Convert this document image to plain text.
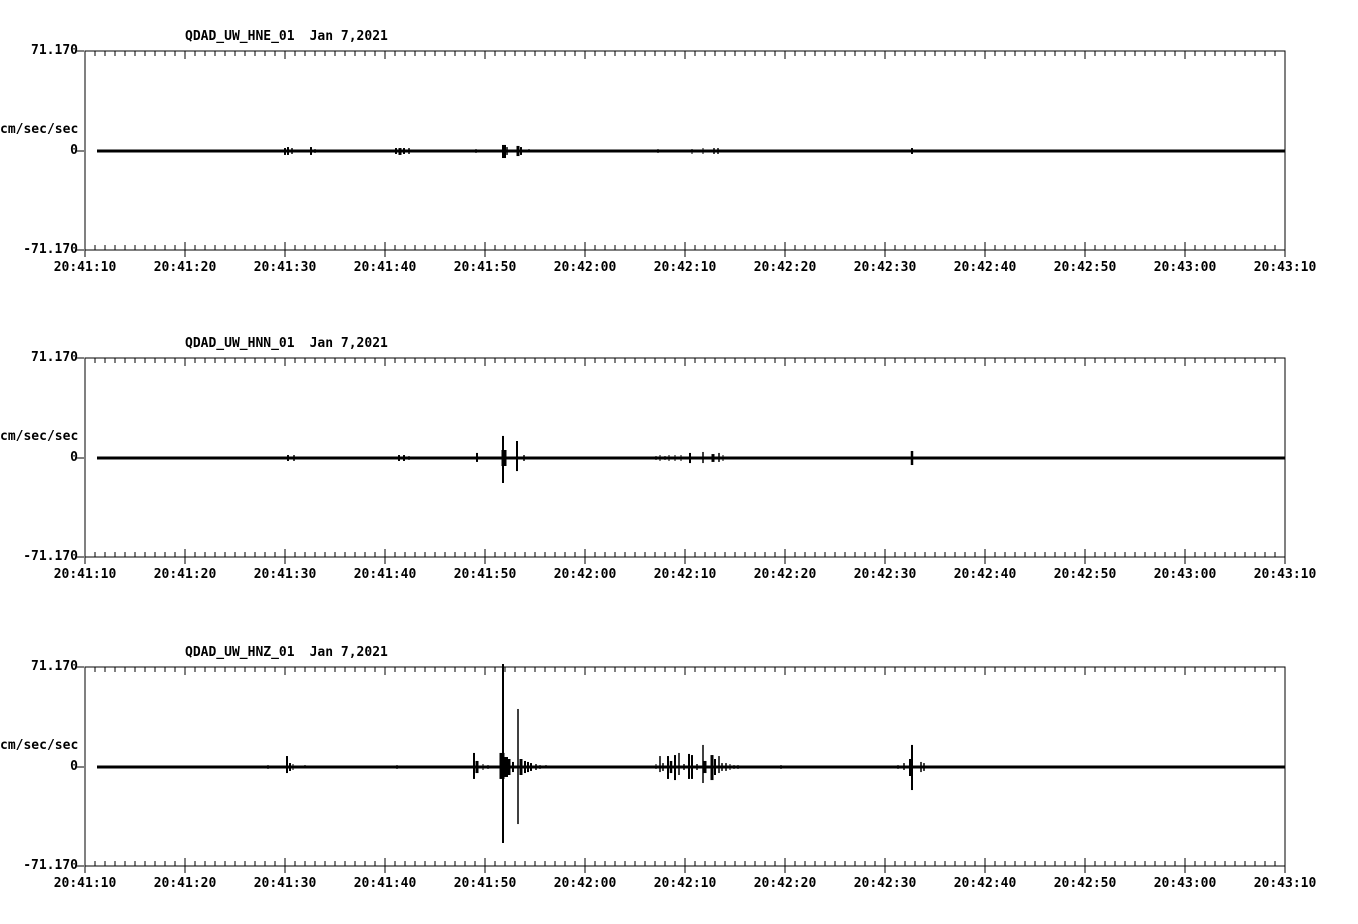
QDAD_UW_HNE_01 Jan 7,2021
71.170
cm/sec/sec
0
-71.170
QDAD_UW_HNN_01 Jan 7,2021
71.170
cm/sec/sec
0
-71.170
QDAD_UW_HNZ_01 Jan 7,2021
71.170
cm/sec/sec
0
-71.170
20:41:10	20:41:20	20:41:30	20:41:40	20:41:50	20:42:00	20:42:10	20:42:20	20:42:30	20:42:40	20:42:50	20:43:00	20:43:10
20:41:10	20:41:20	20:41:30	20:41:40	20:41:50	20:42:00	20:42:10	20:42:20	20:42:30	20:42:40	20:42:50	20:43:00	20:43:10
20:41:10	20:41:20	20:41:30	20:41:40	20:41:50	20:42:00	20:42:10	20:42:20	20:42:30	20:42:40	20:42:50	20:43:00	20:43:10
